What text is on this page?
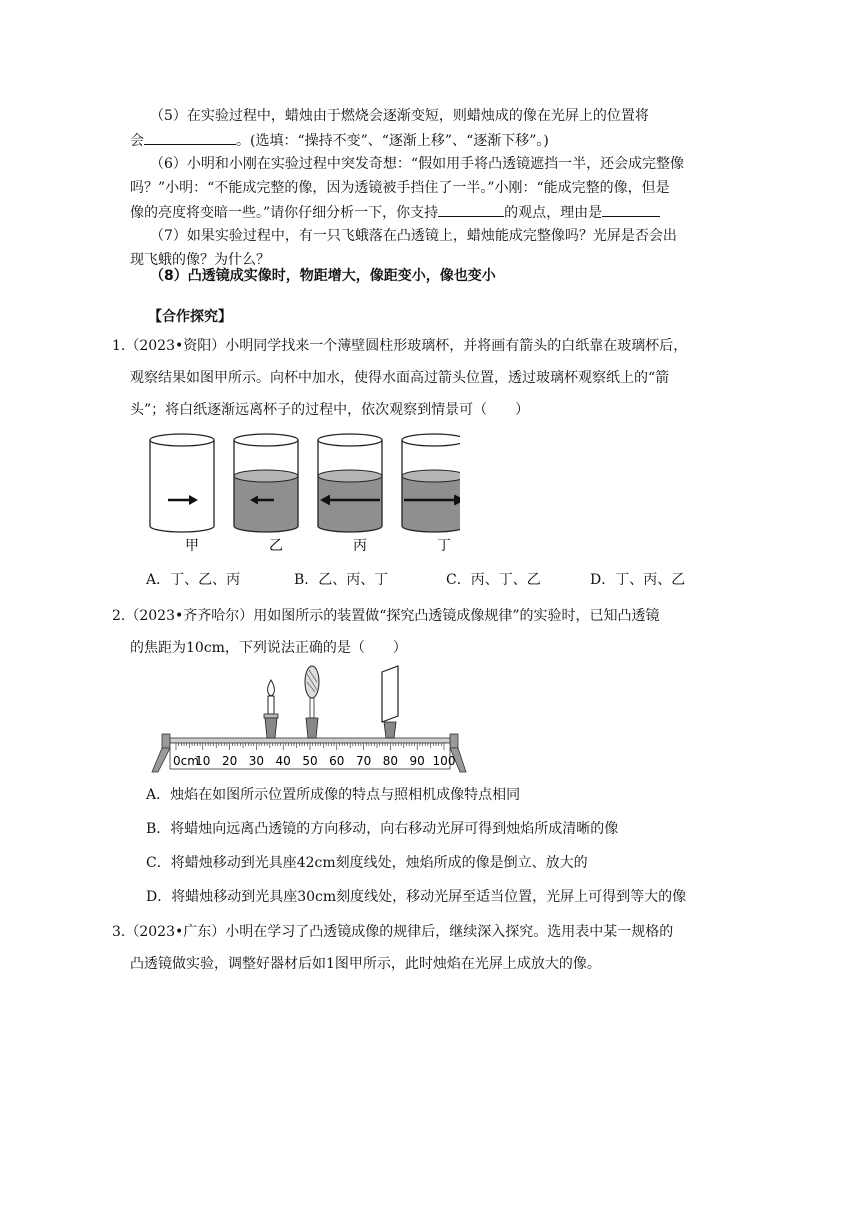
（5）在实验过程中，蜡烛由于燃烧会逐渐变短，则蜡烛成的像在光屏上的位置将
会	。(选填：“操持不变”、“逐渐上移”、“逐渐下移”。)

（6）小明和小刚在实验过程中突发奇想：“假如用手将凸透镜遮挡一半，还会成完整像
吗？”小明：“不能成完整的像，因为透镜被手挡住了一半。”小刚：“能成完整的像，但是
像的亮度将变暗一些。”请你仔细分析一下，你支持	的观点，理由是

（7）如果实验过程中，有一只飞蛾落在凸透镜上，蜡烛能成完整像吗？光屏是否会出
现飞蛾的像？为什么？

（8）凸透镜成实像时，物距增大，像距变小，像也变小

【合作探究】

1.（2023•资阳）小明同学找来一个薄壁圆柱形玻璃杯，并将画有箭头的白纸靠在玻璃杯后，
观察结果如图甲所示。向杯中加水，使得水面高过箭头位置，透过玻璃杯观察纸上的“箭
头”；将白纸逐渐远离杯子的过程中，依次观察到情景可（　　）
甲	乙	丙	丁
A．丁、乙、丙	B．乙、丙、丁	C．丙、丁、乙	D．丁、丙、乙
2.（2023•齐齐哈尔）用如图所示的装置做“探究凸透镜成像规律”的实验时，已知凸透镜
的焦距为10cm，下列说法正确的是（　　）
0cm
10 20 30 40 50 60 70 80 90 100
A．烛焰在如图所示位置所成像的特点与照相机成像特点相同
B．将蜡烛向远离凸透镜的方向移动，向右移动光屏可得到烛焰所成清晰的像
C．将蜡烛移动到光具座42cm刻度线处，烛焰所成的像是倒立、放大的
D．将蜡烛移动到光具座30cm刻度线处，移动光屏至适当位置，光屏上可得到等大的像
3.（2023•广东）小明在学习了凸透镜成像的规律后，继续深入探究。选用表中某一规格的
凸透镜做实验，调整好器材后如1图甲所示，此时烛焰在光屏上成放大的像。
